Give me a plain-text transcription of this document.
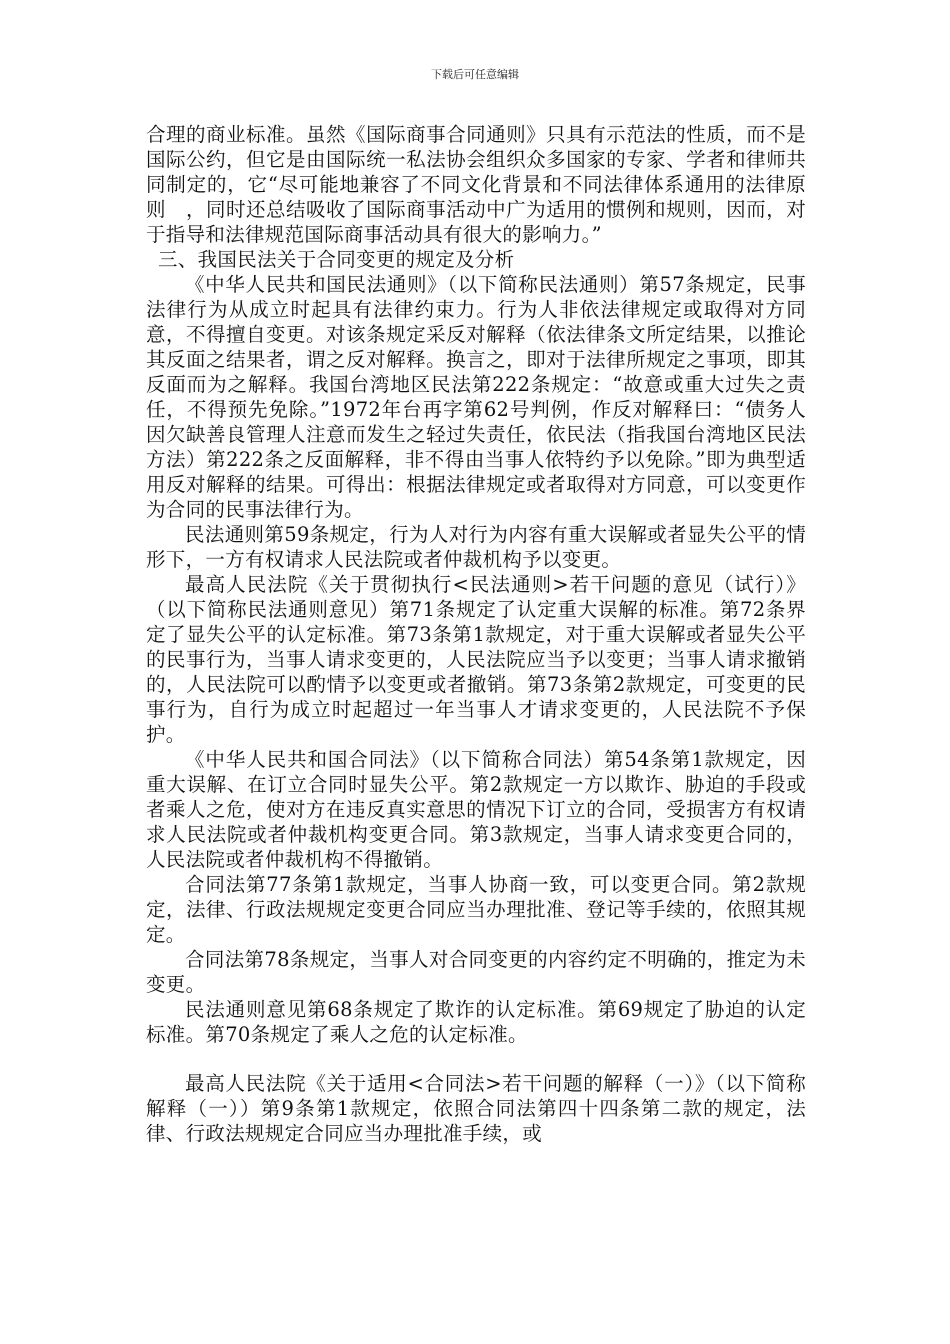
下载后可任意编辑

合理的商业标准。虽然《国际商事合同通则》只具有示范法的性质，而不是国际公约，但它是由国际统一私法协会组织众多国家的专家、学者和律师共同制定的，它“尽可能地兼容了不同文化背景和不同法律体系通用的法律原则　，同时还总结吸收了国际商事活动中广为适用的惯例和规则，因而，对于指导和法律规范国际商事活动具有很大的影响力。”

三、我国民法关于合同变更的规定及分析

《中华人民共和国民法通则》（以下简称民法通则）第57条规定，民事法律行为从成立时起具有法律约束力。行为人非依法律规定或取得对方同意，不得擅自变更。对该条规定采反对解释（依法律条文所定结果，以推论其反面之结果者，谓之反对解释。换言之，即对于法律所规定之事项，即其反面而为之解释。我国台湾地区民法第222条规定：“故意或重大过失之责任，不得预先免除。”1972年台再字第62号判例，作反对解释曰：“债务人因欠缺善良管理人注意而发生之轻过失责任，依民法（指我国台湾地区民法方法）第222条之反面解释，非不得由当事人依特约予以免除。”即为典型适用反对解释的结果。可得出：根据法律规定或者取得对方同意，可以变更作为合同的民事法律行为。

民法通则第59条规定，行为人对行为内容有重大误解或者显失公平的情形下，一方有权请求人民法院或者仲裁机构予以变更。

最高人民法院《关于贯彻执行<民法通则>若干问题的意见（试行）》（以下简称民法通则意见）第71条规定了认定重大误解的标准。第72条界定了显失公平的认定标准。第73条第1款规定，对于重大误解或者显失公平的民事行为，当事人请求变更的，人民法院应当予以变更；当事人请求撤销的，人民法院可以酌情予以变更或者撤销。第73条第2款规定，可变更的民事行为，自行为成立时起超过一年当事人才请求变更的，人民法院不予保护。

《中华人民共和国合同法》（以下简称合同法）第54条第1款规定，因重大误解、在订立合同时显失公平。第2款规定一方以欺诈、胁迫的手段或者乘人之危，使对方在违反真实意思的情况下订立的合同，受损害方有权请求人民法院或者仲裁机构变更合同。第3款规定，当事人请求变更合同的，人民法院或者仲裁机构不得撤销。

合同法第77条第1款规定，当事人协商一致，可以变更合同。第2款规定，法律、行政法规规定变更合同应当办理批准、登记等手续的，依照其规定。

合同法第78条规定，当事人对合同变更的内容约定不明确的，推定为未变更。

民法通则意见第68条规定了欺诈的认定标准。第69规定了胁迫的认定标准。第70条规定了乘人之危的认定标准。

最高人民法院《关于适用<合同法>若干问题的解释（一）》（以下简称解释（一））第9条第1款规定，依照合同法第四十四条第二款的规定，法律、行政法规规定合同应当办理批准手续，或
